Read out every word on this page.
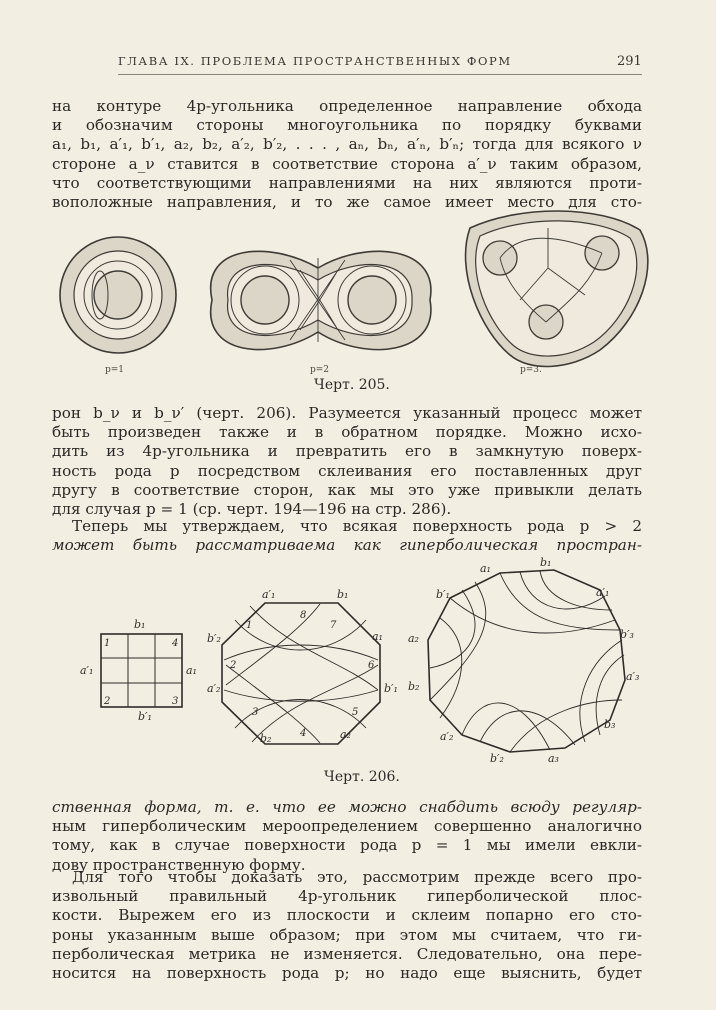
ГЛАВА IX. ПРОБЛЕМА ПРОСТРАНСТВЕННЫХ ФОРМ	291
на контуре 4p-угольника определенное направление обхода
и обозначим стороны многоугольника по порядку буквами
a₁, b₁, a′₁, b′₁, a₂, b₂, a′₂, b′₂, . . . , aₙ, bₙ, a′ₙ, b′ₙ; тогда для всякого ν
стороне a_ν ставится в соответствие сторона a′_ν таким образом,
что соответствующими направлениями на них являются проти-
воположные направления, и то же самое имеет место для сто-
p=1	p=2	p=3.
Черт. 205.
рон b_ν и b_ν′ (черт. 206). Разумеется указанный процесс может
быть произведен также и в обратном порядке. Можно исхо-
дить из 4p-угольника и превратить его в замкнутую поверх-
ность рода p посредством склеивания его поставленных друг
другу в соответствие сторон, как мы это уже привыкли делать
для случая p = 1 (ср. черт. 194—196 на стр. 286).
Теперь мы утверждаем, что всякая поверхность рода p > 2
может быть рассматриваема как гиперболическая простран-
b₁
b′₁
a′₁	a₁
1	4
2	3
a′₁	b₁
a₁
b′₁
a₂
b₂
a′₂
b′₂
8
7
1
6
2
5
3
4
a₁	b₁
a′₁
b′₃
a′₃
b₃
a₃
b′₂
a′₂
b₂
a₂
b′₁
Черт. 206.
ственная форма, т. е. что ее можно снабдить всюду регуляр-
ным гиперболическим мероопределением совершенно аналогично
тому, как в случае поверхности рода p = 1 мы имели евкли-
дову пространственную форму.
Для того чтобы доказать это, рассмотрим прежде всего про-
извольный правильный 4p-угольник гиперболической плос-
кости. Вырежем его из плоскости и склеим попарно его сто-
роны указанным выше образом; при этом мы считаем, что ги-
перболическая метрика не изменяется. Следовательно, она пере-
носится на поверхность рода p; но надо еще выяснить, будет
